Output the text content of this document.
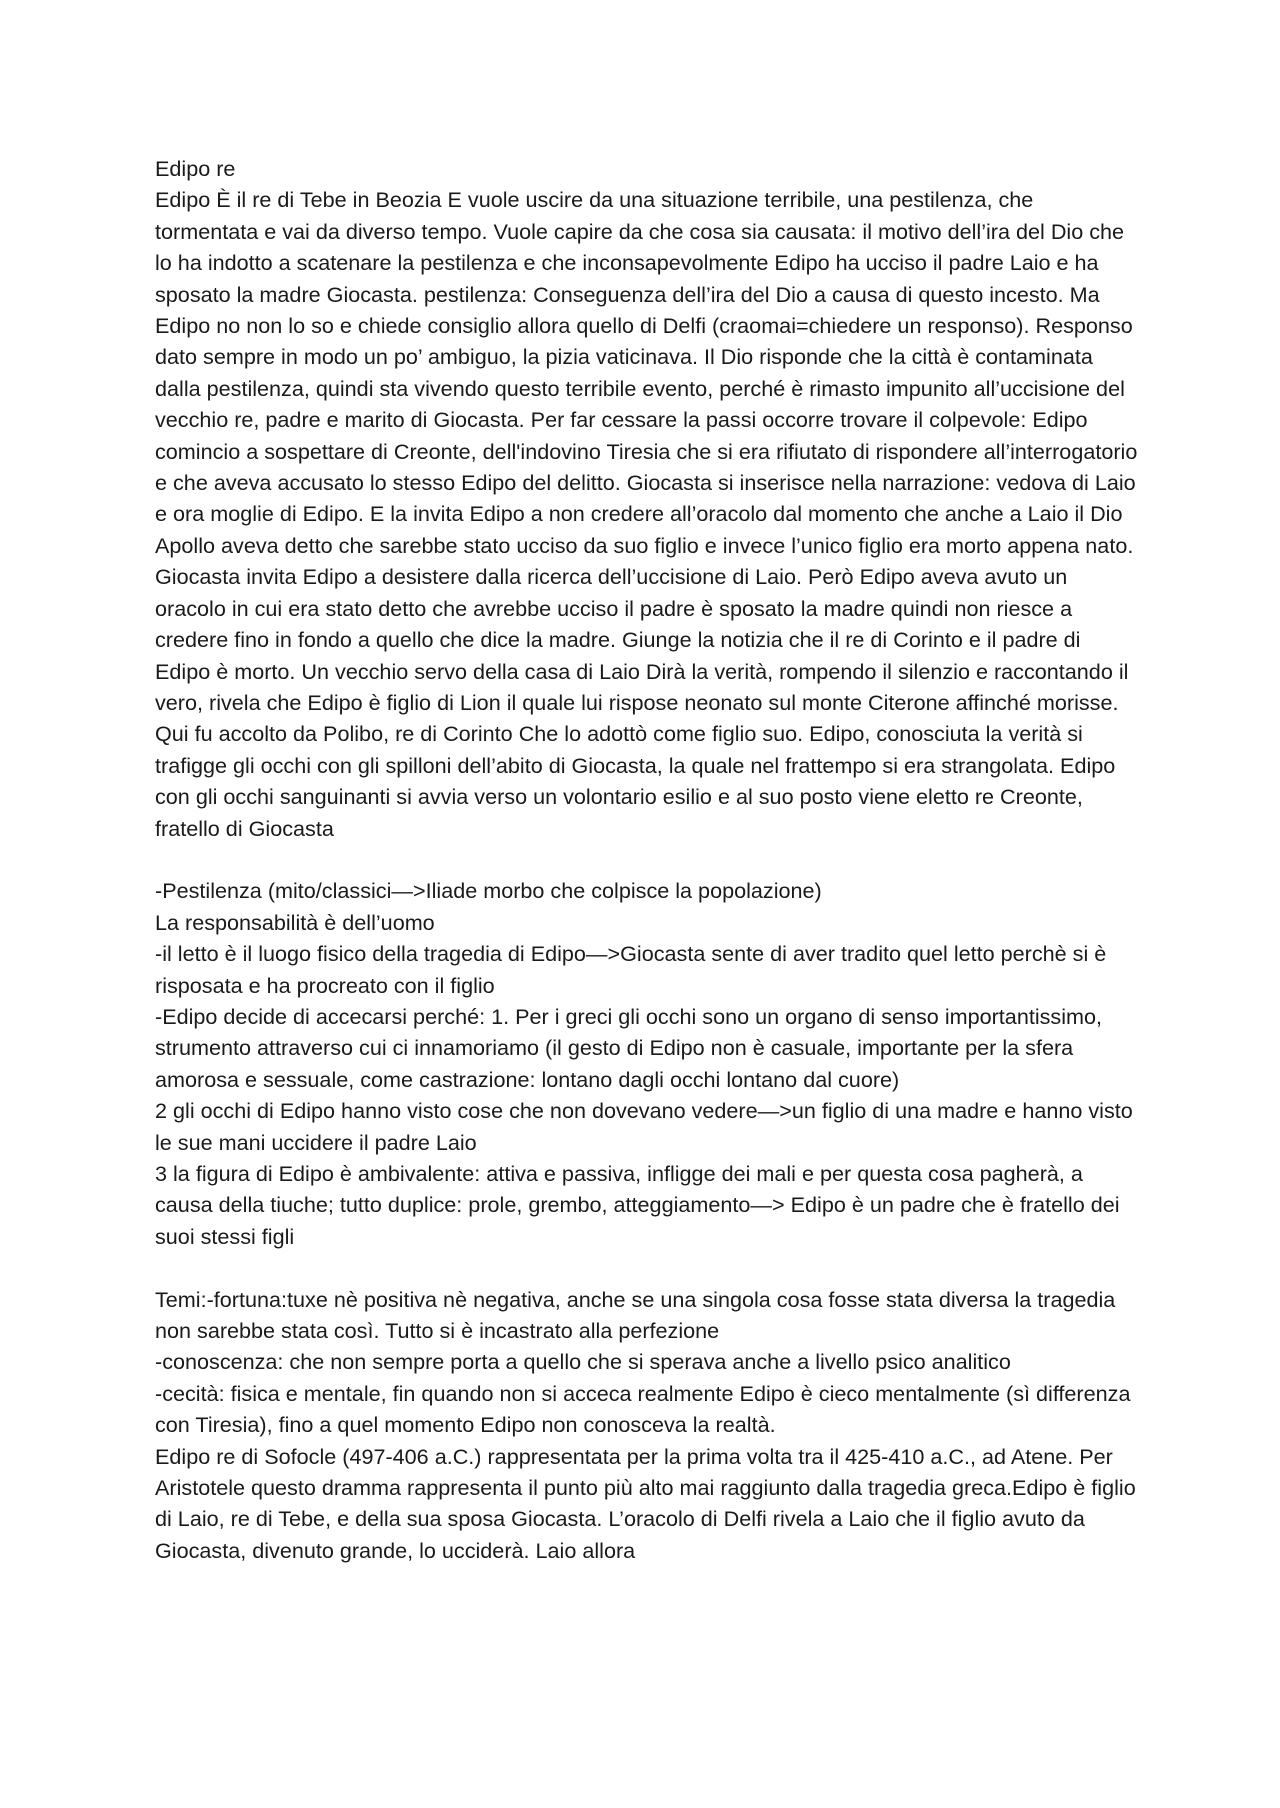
Edipo re

Edipo È il re di Tebe in Beozia E vuole uscire da una situazione terribile, una pestilenza, che tormentata e vai da diverso tempo. Vuole capire da che cosa sia causata: il motivo dell’ira del Dio che lo ha indotto a scatenare la pestilenza e che inconsapevolmente Edipo ha ucciso il padre Laio e ha sposato la madre Giocasta. pestilenza: Conseguenza dell’ira del Dio a causa di questo incesto. Ma Edipo no non lo so e chiede consiglio allora quello di Delfi (craomai=chiedere un responso). Responso dato sempre in modo un po’ ambiguo, la pizia vaticinava. Il Dio risponde che la città è contaminata dalla pestilenza, quindi sta vivendo questo terribile evento, perché è rimasto impunito all’uccisione del vecchio re, padre e marito di Giocasta. Per far cessare la passi occorre trovare il colpevole: Edipo comincio a sospettare di Creonte, dell'indovino Tiresia che si era rifiutato di rispondere all’interrogatorio e che aveva accusato lo stesso Edipo del delitto. Giocasta si inserisce nella narrazione: vedova di Laio e ora moglie di Edipo. E la invita Edipo a non credere all’oracolo dal momento che anche a Laio il Dio Apollo aveva detto che sarebbe stato ucciso da suo figlio e invece l’unico figlio era morto appena nato. Giocasta invita Edipo a desistere dalla ricerca dell’uccisione di Laio. Però Edipo aveva avuto un oracolo in cui era stato detto che avrebbe ucciso il padre è sposato la madre quindi non riesce a credere fino in fondo a quello che dice la madre. Giunge la notizia che il re di Corinto e il padre di Edipo è morto. Un vecchio servo della casa di Laio Dirà la verità, rompendo il silenzio e raccontando il vero, rivela che Edipo è figlio di Lion il quale lui rispose neonato sul monte Citerone affinché morisse. Qui fu accolto da Polibo, re di Corinto Che lo adottò come figlio suo. Edipo, conosciuta la verità si trafigge gli occhi con gli spilloni dell’abito di Giocasta, la quale nel frattempo si era strangolata. Edipo con gli occhi sanguinanti si avvia verso un volontario esilio e al suo posto viene eletto re Creonte, fratello di Giocasta

-Pestilenza (mito/classici—>Iliade morbo che colpisce la popolazione)

La responsabilità è dell’uomo

-il letto è il luogo fisico della tragedia di Edipo—>Giocasta sente di aver tradito quel letto perchè si è risposata e ha procreato con il figlio

-Edipo decide di accecarsi perché: 1. Per i greci gli occhi sono un organo di senso importantissimo, strumento attraverso cui ci innamoriamo (il gesto di Edipo non è casuale, importante per la sfera amorosa e sessuale, come castrazione: lontano dagli occhi lontano dal cuore)

2 gli occhi di Edipo hanno visto cose che non dovevano vedere—>un figlio di una madre e hanno visto le sue mani uccidere il padre Laio

3 la figura di Edipo è ambivalente: attiva e passiva, infligge dei mali e per questa cosa pagherà, a causa della tiuche; tutto duplice: prole, grembo, atteggiamento—> Edipo è un padre che è fratello dei suoi stessi figli

Temi:-fortuna:tuxe nè positiva nè negativa, anche se una singola cosa fosse stata diversa la tragedia non sarebbe stata così. Tutto si è incastrato alla perfezione

-conoscenza: che non sempre porta a quello che si sperava anche a livello psico analitico

-cecità: fisica e mentale, fin quando non si acceca realmente Edipo è cieco mentalmente (sì differenza con Tiresia), fino a quel momento Edipo non conosceva la realtà.

Edipo re di Sofocle (497-406 a.C.) rappresentata per la prima volta tra il 425-410 a.C., ad Atene. Per Aristotele questo dramma rappresenta il punto più alto mai raggiunto dalla tragedia greca.Edipo è figlio di Laio, re di Tebe, e della sua sposa Giocasta. L’oracolo di Delfi rivela a Laio che il figlio avuto da Giocasta, divenuto grande, lo ucciderà. Laio allora
